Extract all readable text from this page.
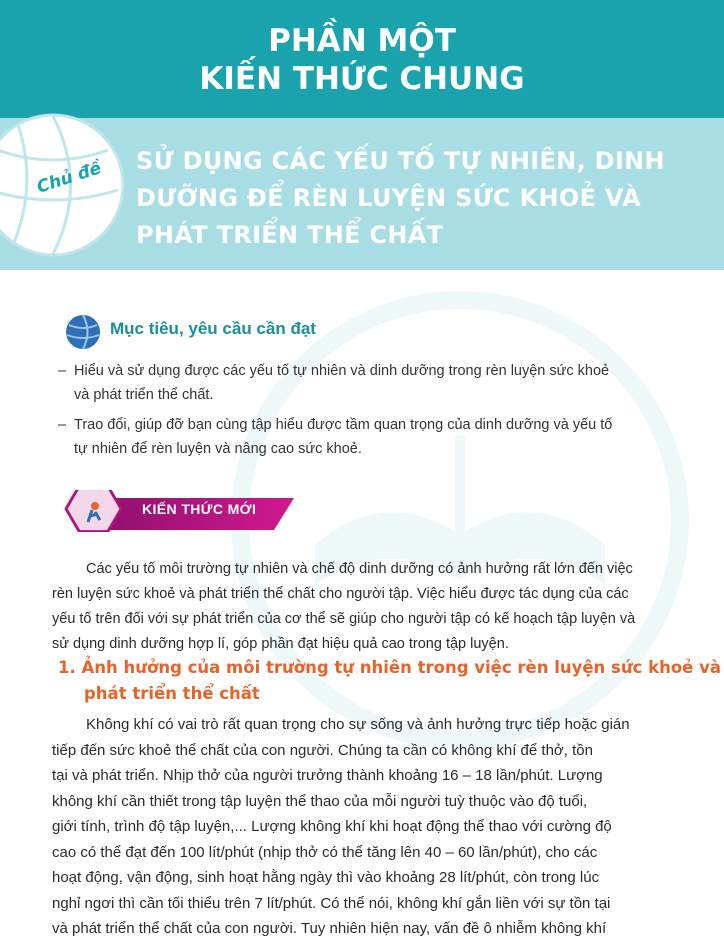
PHẦN MỘT
KIẾN THỨC CHUNG
Chủ đề SỬ DỤNG CÁC YẾU TỐ TỰ NHIÊN, DINH
DƯỠNG ĐỂ RÈN LUYỆN SỨC KHOẺ VÀ
PHÁT TRIỂN THỂ CHẤT
Mục tiêu, yêu cầu cần đạt
– Hiểu và sử dụng được các yếu tố tự nhiên và dinh dưỡng trong rèn luyện sức khoẻ
và phát triển thể chất.
– Trao đổi, giúp đỡ bạn cùng tập hiểu được tầm quan trọng của dinh dưỡng và yếu tố
tự nhiên để rèn luyện và nâng cao sức khoẻ.
KIẾN THỨC MỚI
Các yếu tố môi trường tự nhiên và chế độ dinh dưỡng có ảnh hưởng rất lớn đến việc
rèn luyện sức khoẻ và phát triển thể chất cho người tập. Việc hiểu được tác dụng của các
yếu tố trên đối với sự phát triển của cơ thể sẽ giúp cho người tập có kế hoạch tập luyện và
sử dụng dinh dưỡng hợp lí, góp phần đạt hiệu quả cao trong tập luyện.
1. Ảnh hưởng của môi trường tự nhiên trong việc rèn luyện sức khoẻ và
phát triển thể chất
Không khí có vai trò rất quan trọng cho sự sống và ảnh hưởng trực tiếp hoặc gián
tiếp đến sức khoẻ thể chất của con người. Chúng ta cần có không khí để thở, tồn
tại và phát triển. Nhịp thở của người trưởng thành khoảng 16 – 18 lần/phút. Lượng
không khí cần thiết trong tập luyện thể thao của mỗi người tuỳ thuộc vào độ tuổi,
giới tính, trình độ tập luyện,... Lượng không khí khi hoạt động thể thao với cường độ
cao có thể đạt đến 100 lít/phút (nhịp thở có thể tăng lên 40 – 60 lần/phút), cho các
hoạt động, vận động, sinh hoạt hằng ngày thì vào khoảng 28 lít/phút, còn trong lúc
nghỉ ngơi thì cần tối thiểu trên 7 lít/phút. Có thể nói, không khí gắn liền với sự tồn tại
và phát triển thể chất của con người. Tuy nhiên hiện nay, vấn đề ô nhiễm không khí
